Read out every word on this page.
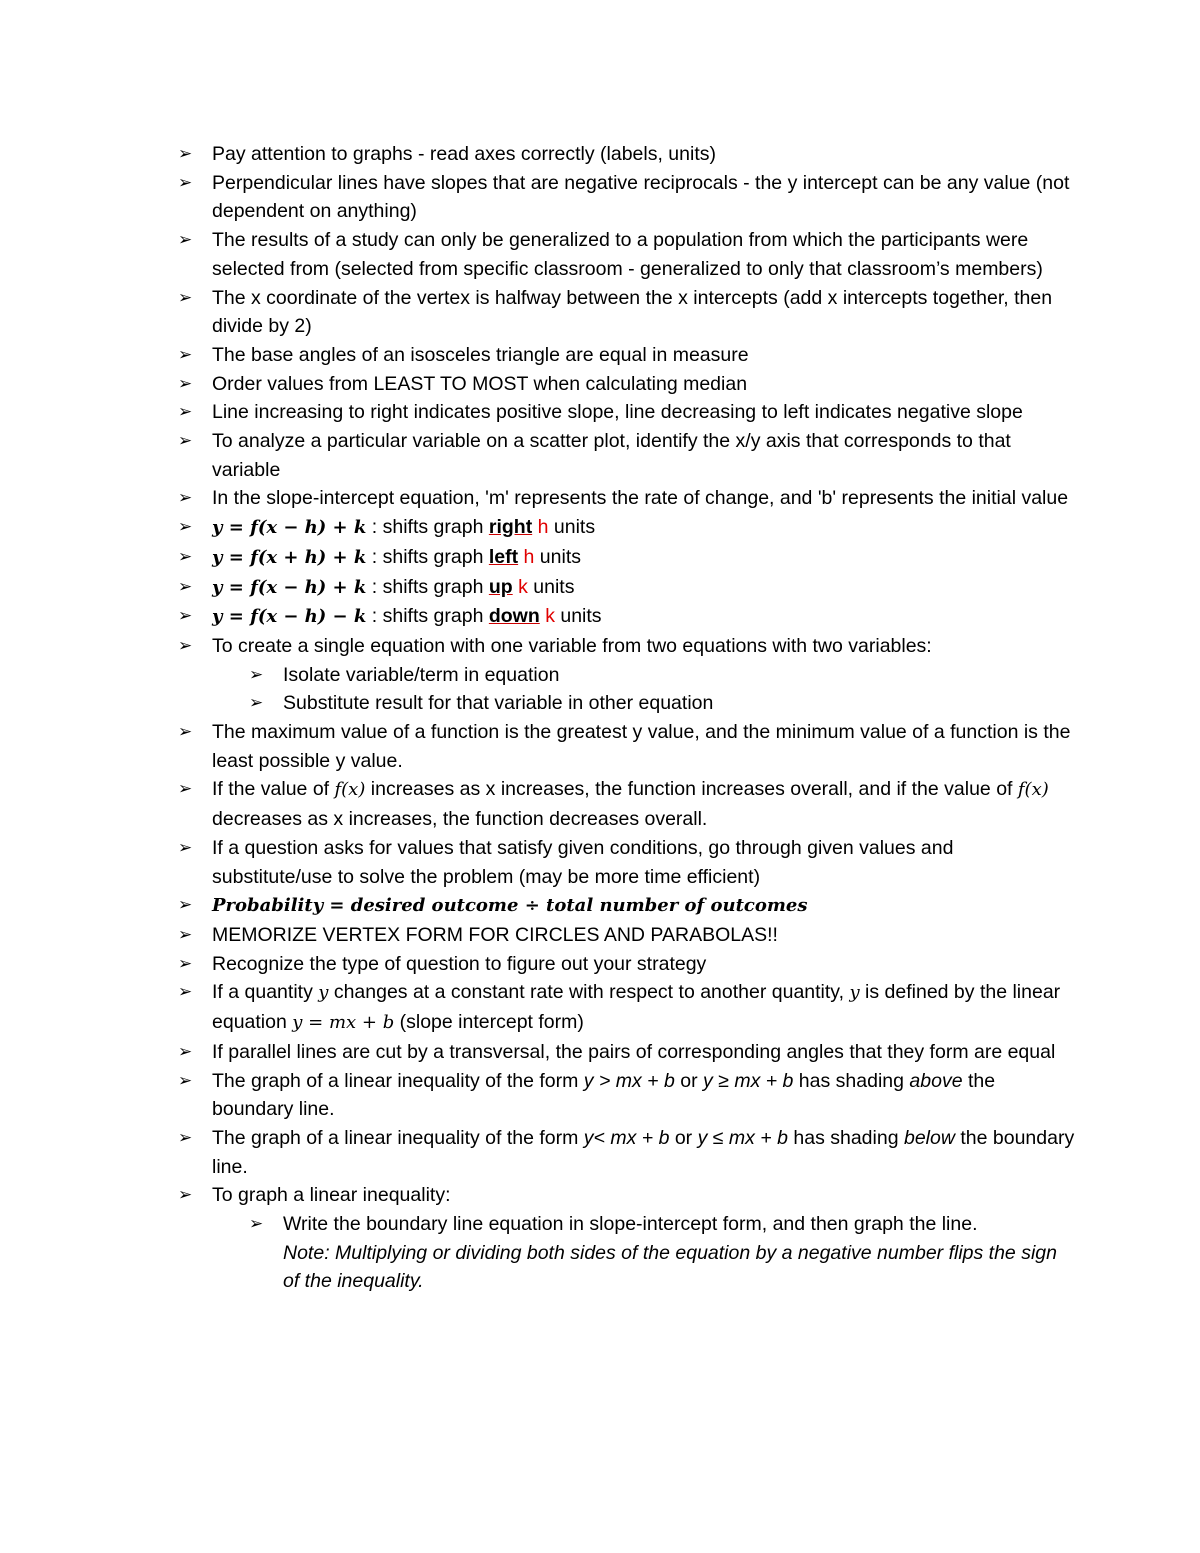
➢ Pay attention to graphs - read axes correctly (labels, units)
➢ Perpendicular lines have slopes that are negative reciprocals - the y intercept can be any value (not dependent on anything)
➢ The results of a study can only be generalized to a population from which the participants were selected from (selected from specific classroom - generalized to only that classroom’s members)
➢ The x coordinate of the vertex is halfway between the x intercepts (add x intercepts together, then divide by 2)
➢ The base angles of an isosceles triangle are equal in measure
➢ Order values from LEAST TO MOST when calculating median
➢ Line increasing to right indicates positive slope, line decreasing to left indicates negative slope
➢ To analyze a particular variable on a scatter plot, identify the x/y axis that corresponds to that variable
➢ In the slope-intercept equation, 'm' represents the rate of change, and 'b' represents the initial value
➢ 𝒚 = 𝒇(𝒙 − 𝒉) + 𝒌 : shifts graph right h units
➢ 𝒚 = 𝒇(𝒙 + 𝒉) + 𝒌 : shifts graph left h units
➢ 𝒚 = 𝒇(𝒙 − 𝒉) + 𝒌 : shifts graph up k units
➢ 𝒚 = 𝒇(𝒙 − 𝒉) − 𝒌 : shifts graph down k units
➢ To create a single equation with one variable from two equations with two variables:
➢ Isolate variable/term in equation
➢ Substitute result for that variable in other equation
➢ The maximum value of a function is the greatest y value, and the minimum value of a function is the least possible y value.
➢ If the value of 𝑓(𝑥) increases as x increases, the function increases overall, and if the value of 𝑓(𝑥) decreases as x increases, the function decreases overall.
➢ If a question asks for values that satisfy given conditions, go through given values and substitute/use to solve the problem (may be more time efficient)
➢ 𝑷𝒓𝒐𝒃𝒂𝒃𝒊𝒍𝒊𝒕𝒚 = 𝒅𝒆𝒔𝒊𝒓𝒆𝒅 𝒐𝒖𝒕𝒄𝒐𝒎𝒆 ÷ 𝒕𝒐𝒕𝒂𝒍 𝒏𝒖𝒎𝒃𝒆𝒓 𝒐𝒇 𝒐𝒖𝒕𝒄𝒐𝒎𝒆𝒔
➢ MEMORIZE VERTEX FORM FOR CIRCLES AND PARABOLAS!!
➢ Recognize the type of question to figure out your strategy
➢ If a quantity 𝑦 changes at a constant rate with respect to another quantity, 𝑦 is defined by the linear equation 𝑦 = 𝑚𝑥 + 𝑏 (slope intercept form)
➢ If parallel lines are cut by a transversal, the pairs of corresponding angles that they form are equal
➢ The graph of a linear inequality of the form y > mx + b or y ≥ mx + b has shading above the boundary line.
➢ The graph of a linear inequality of the form y< mx + b or y ≤ mx + b has shading below the boundary line.
➢ To graph a linear inequality:
➢ Write the boundary line equation in slope-intercept form, and then graph the line.
Note: Multiplying or dividing both sides of the equation by a negative number flips the sign of the inequality.
